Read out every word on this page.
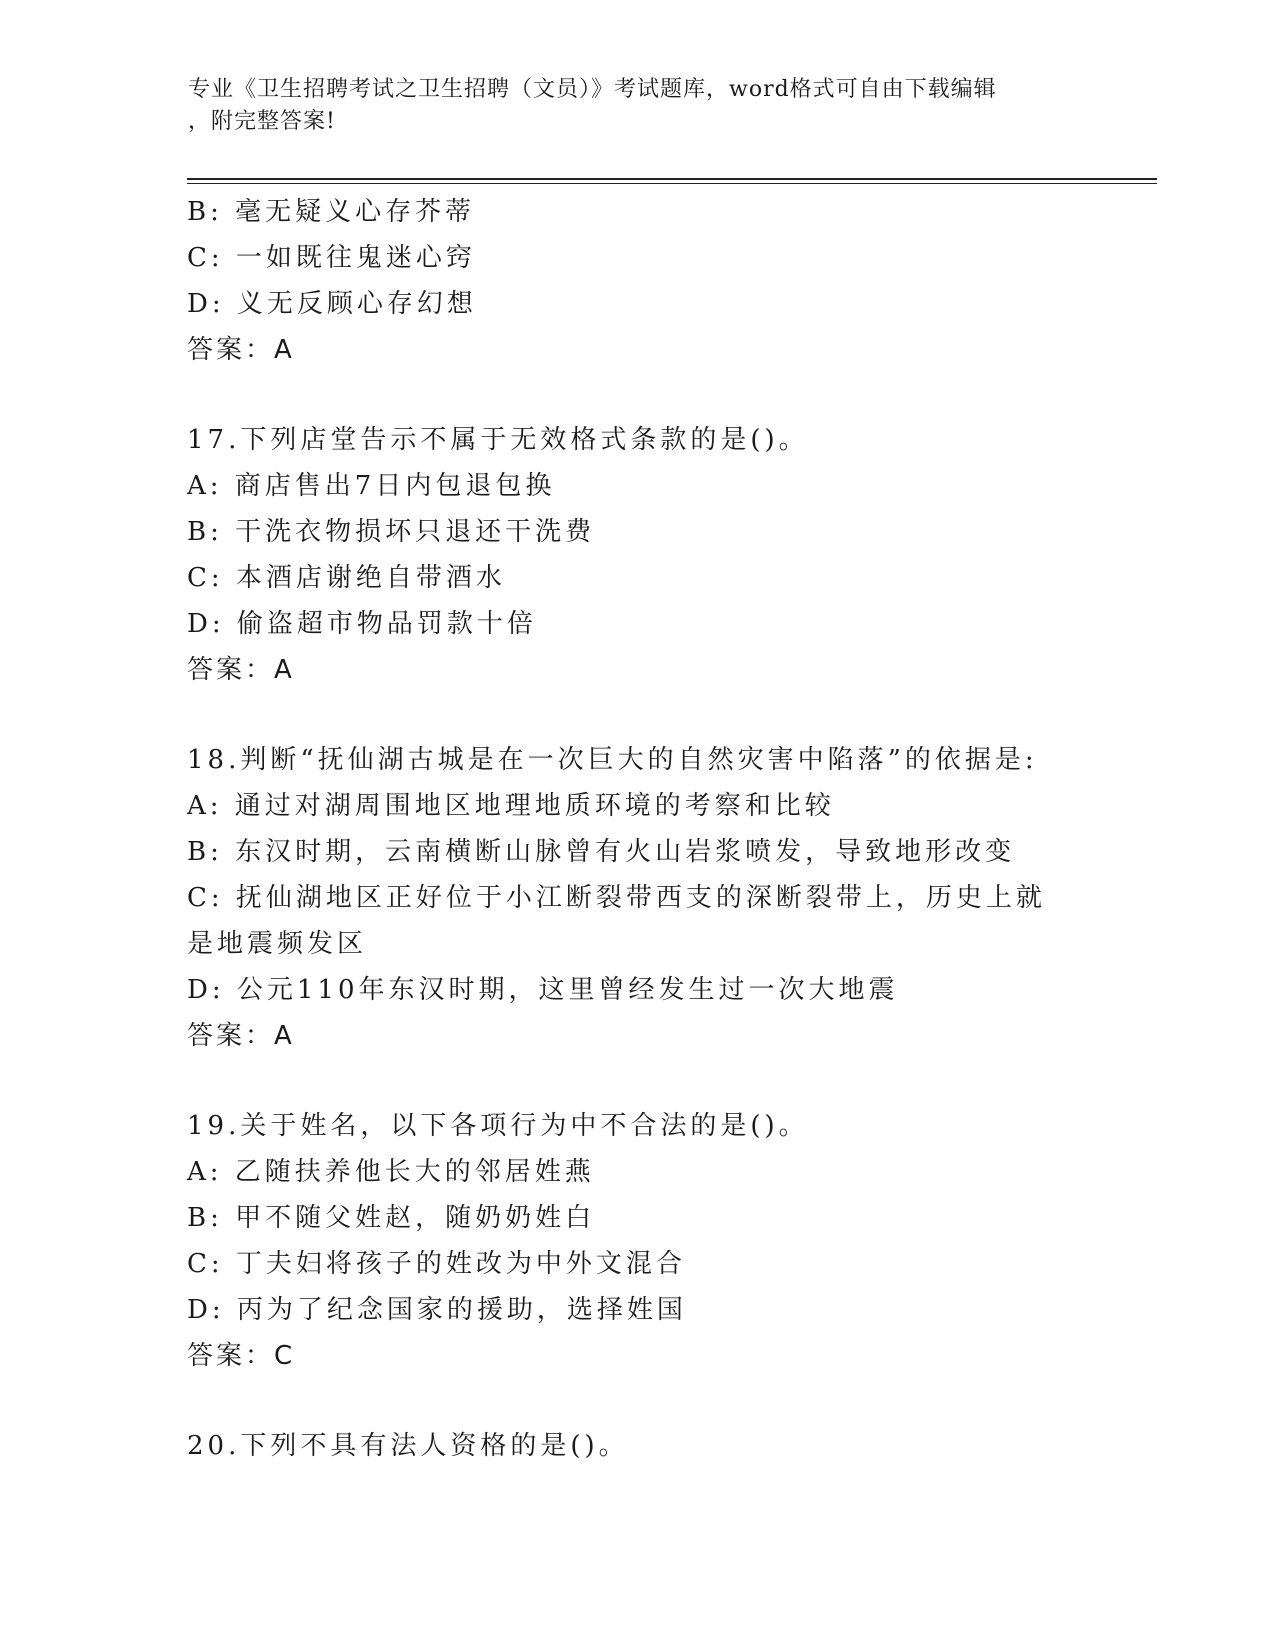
专业《卫生招聘考试之卫生招聘（文员）》考试题库，word格式可自由下载编辑
，附完整答案!
B: 毫无疑义心存芥蒂
C: 一如既往鬼迷心窍
D: 义无反顾心存幻想
答案：A
17.下列店堂告示不属于无效格式条款的是()。
A: 商店售出7日内包退包换
B: 干洗衣物损坏只退还干洗费
C: 本酒店谢绝自带酒水
D: 偷盗超市物品罚款十倍
答案：A
18.判断“抚仙湖古城是在一次巨大的自然灾害中陷落”的依据是:
A: 通过对湖周围地区地理地质环境的考察和比较
B: 东汉时期，云南横断山脉曾有火山岩浆喷发，导致地形改变
C: 抚仙湖地区正好位于小江断裂带西支的深断裂带上，历史上就是地震频发区
D: 公元110年东汉时期，这里曾经发生过一次大地震
答案：A
19.关于姓名，以下各项行为中不合法的是()。
A: 乙随扶养他长大的邻居姓燕
B: 甲不随父姓赵，随奶奶姓白
C: 丁夫妇将孩子的姓改为中外文混合
D: 丙为了纪念国家的援助，选择姓国
答案：C
20.下列不具有法人资格的是()。
